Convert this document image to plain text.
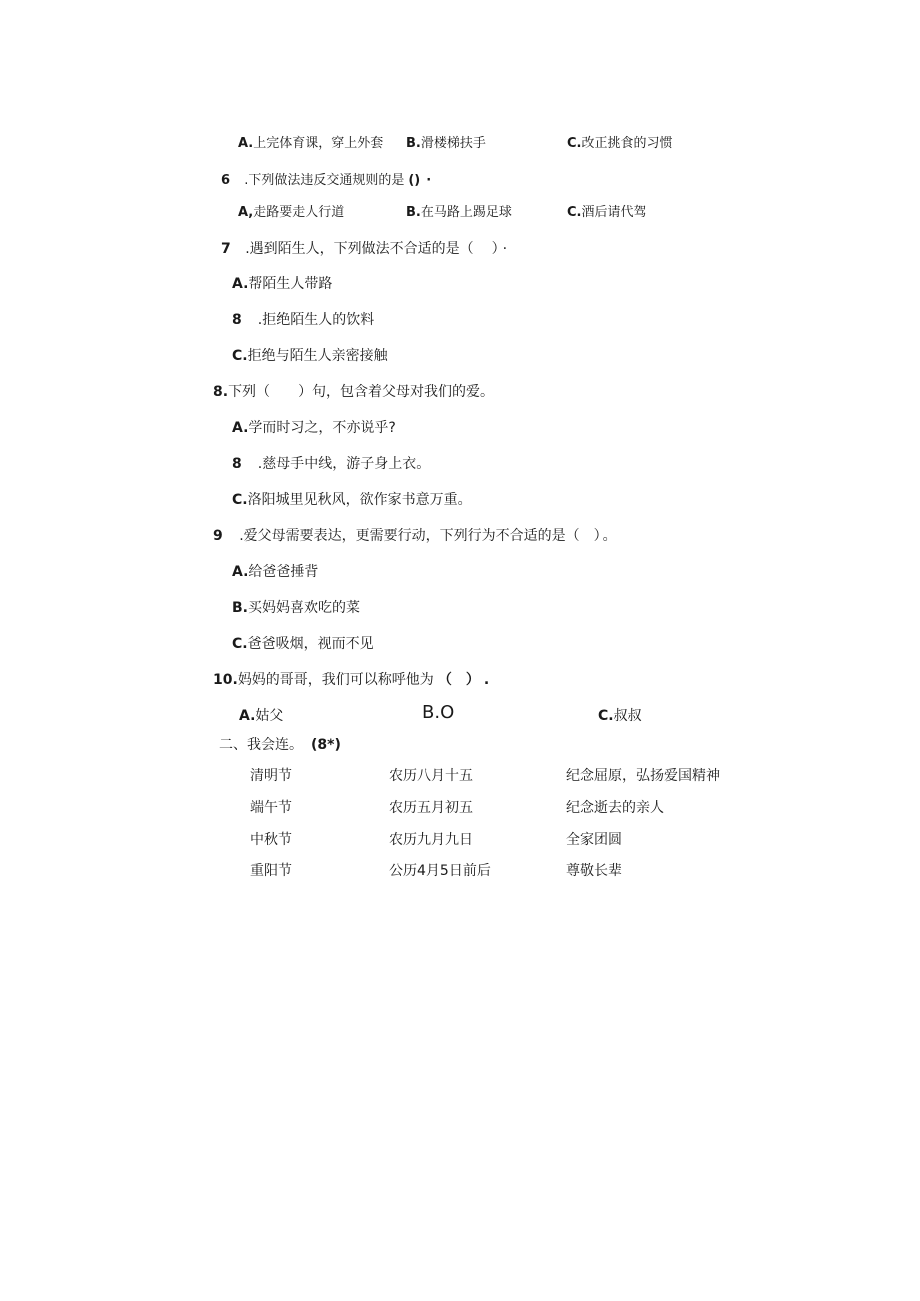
A.上完体育课，穿上外套 B.滑楼梯扶手	C.改正挑食的习惯
6 .下列做法违反交通规则的是 () ·
A,走路要走人行道	B.在马路上踢足球	C.酒后请代驾
7 .遇到陌生人，下列做法不合适的是（ ） ·
A.帮陌生人带路
8 .拒绝陌生人的饮料
C.拒绝与陌生人亲密接触
8.下列（ ）句，包含着父母对我们的爱。
A.学而时习之，不亦说乎?
8 .慈母手中线，游子身上衣。
C.洛阳城里见秋风，欲作家书意万重。
9 .爱父母需要表达，更需要行动，下列行为不合适的是（ ） 。
A.给爸爸捶背
B.买妈妈喜欢吃的菜
C.爸爸吸烟，视而不见
10.妈妈的哥哥，我们可以称呼他为 （ ） .
A.姑父	B.O	C.叔叔
二、我会连。 (8*)
清明节	农历八月十五	纪念屈原，弘扬爱国精神
端午节	农历五月初五	纪念逝去的亲人
中秋节	农历九月九日	全家团圆
重阳节	公历4月5日前后	尊敬长辈
